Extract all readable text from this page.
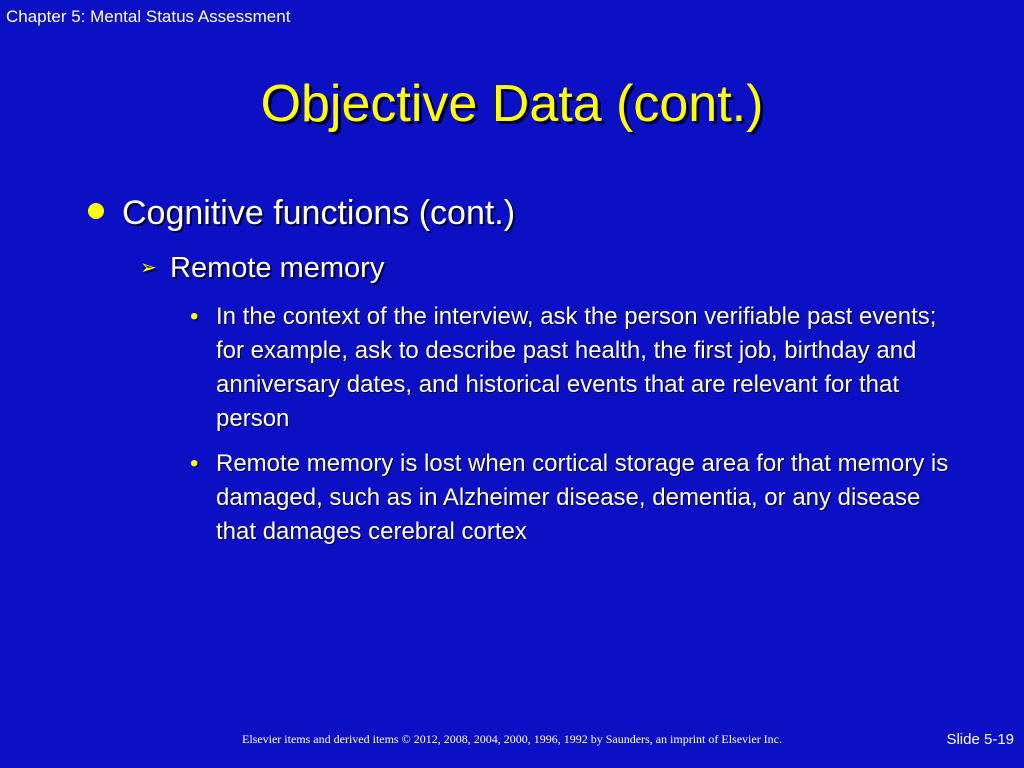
Chapter 5: Mental Status Assessment
Objective Data (cont.)
Cognitive functions (cont.)
➢ Remote memory
• In the context of the interview, ask the person verifiable past events; for example, ask to describe past health, the first job, birthday and anniversary dates, and historical events that are relevant for that person
• Remote memory is lost when cortical storage area for that memory is damaged, such as in Alzheimer disease, dementia, or any disease that damages cerebral cortex
Elsevier items and derived items © 2012, 2008, 2004, 2000, 1996, 1992 by Saunders, an imprint of Elsevier Inc.	Slide 5-19
